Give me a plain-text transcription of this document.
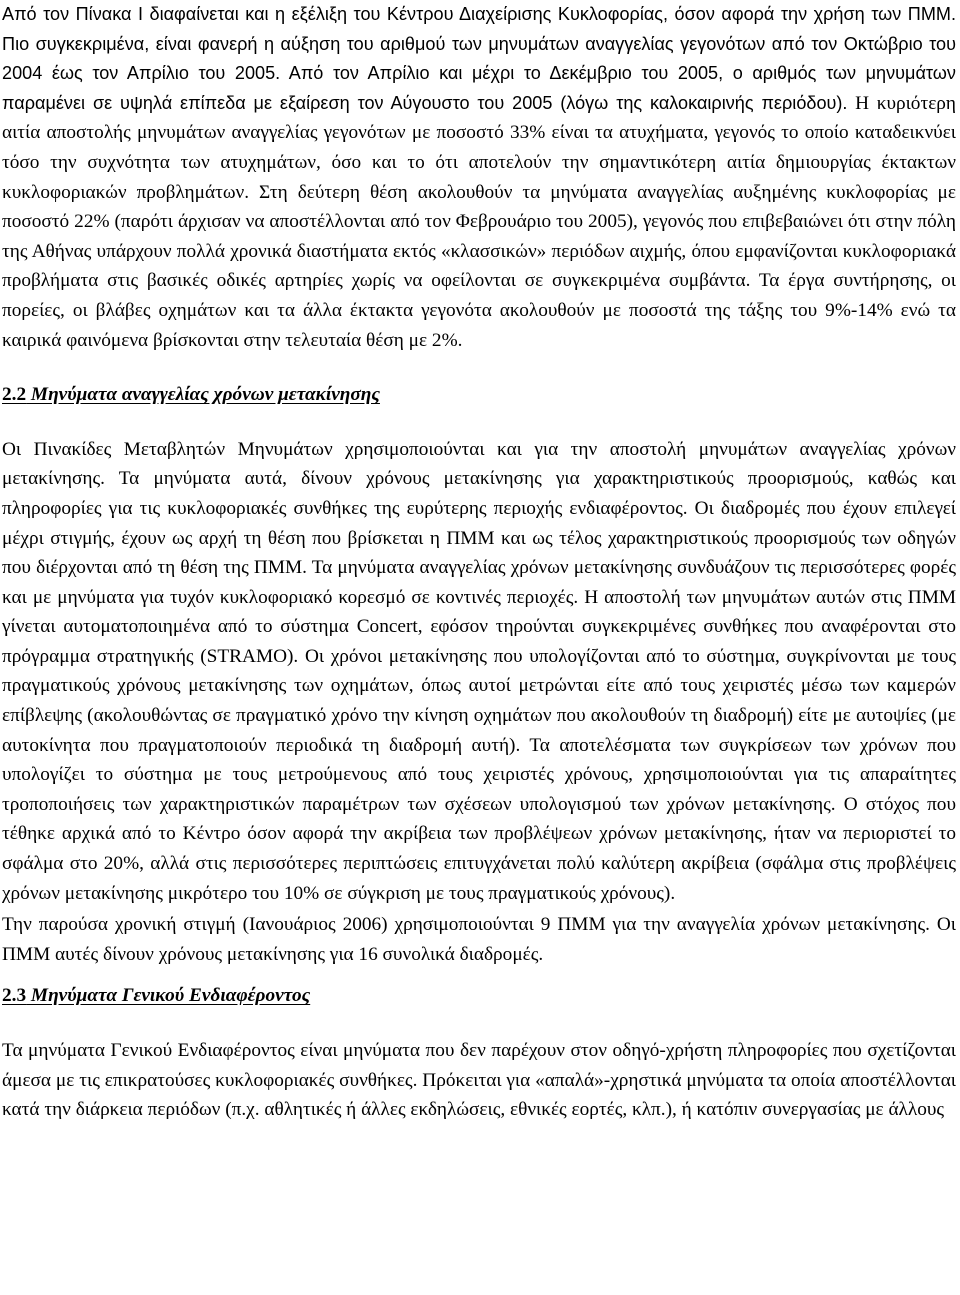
Από τον Πίνακα Ι διαφαίνεται και η εξέλιξη του Κέντρου Διαχείρισης Κυκλοφορίας, όσον αφορά την χρήση των ΠΜΜ. Πιο συγκεκριμένα, είναι φανερή η αύξηση του αριθμού των μηνυμάτων αναγγελίας γεγονότων από τον Οκτώβριο του 2004 έως τον Απρίλιο του 2005. Από τον Απρίλιο και μέχρι το Δεκέμβριο του 2005, ο αριθμός των μηνυμάτων παραμένει σε υψηλά επίπεδα με εξαίρεση τον Αύγουστο του 2005 (λόγω της καλοκαιρινής περιόδου). Η κυριότερη αιτία αποστολής μηνυμάτων αναγγελίας γεγονότων με ποσοστό 33% είναι τα ατυχήματα, γεγονός το οποίο καταδεικνύει τόσο την συχνότητα των ατυχημάτων, όσο και το ότι αποτελούν την σημαντικότερη αιτία δημιουργίας έκτακτων κυκλοφοριακών προβλημάτων. Στη δεύτερη θέση ακολουθούν τα μηνύματα αναγγελίας αυξημένης κυκλοφορίας με ποσοστό 22% (παρότι άρχισαν να αποστέλλονται από τον Φεβρουάριο του 2005), γεγονός που επιβεβαιώνει ότι στην πόλη της Αθήνας υπάρχουν πολλά χρονικά διαστήματα εκτός «κλασσικών» περιόδων αιχμής, όπου εμφανίζονται κυκλοφοριακά προβλήματα στις βασικές οδικές αρτηρίες χωρίς να οφείλονται σε συγκεκριμένα συμβάντα. Τα έργα συντήρησης, οι πορείες, οι βλάβες οχημάτων και τα άλλα έκτακτα γεγονότα ακολουθούν με ποσοστά της τάξης του 9%-14% ενώ τα καιρικά φαινόμενα βρίσκονται στην τελευταία θέση με 2%.

2.2 Μηνύματα αναγγελίας χρόνων μετακίνησης

Οι Πινακίδες Μεταβλητών Μηνυμάτων χρησιμοποιούνται και για την αποστολή μηνυμάτων αναγγελίας χρόνων μετακίνησης. Τα μηνύματα αυτά, δίνουν χρόνους μετακίνησης για χαρακτηριστικούς προορισμούς, καθώς και πληροφορίες για τις κυκλοφοριακές συνθήκες της ευρύτερης περιοχής ενδιαφέροντος. Οι διαδρομές που έχουν επιλεγεί μέχρι στιγμής, έχουν ως αρχή τη θέση που βρίσκεται η ΠΜΜ και ως τέλος χαρακτηριστικούς προορισμούς των οδηγών που διέρχονται από τη θέση της ΠΜΜ. Τα μηνύματα αναγγελίας χρόνων μετακίνησης συνδυάζουν τις περισσότερες φορές και με μηνύματα για τυχόν κυκλοφοριακό κορεσμό σε κοντινές περιοχές. Η αποστολή των μηνυμάτων αυτών στις ΠΜΜ γίνεται αυτοματοποιημένα από το σύστημα Concert, εφόσον τηρούνται συγκεκριμένες συνθήκες που αναφέρονται στο πρόγραμμα στρατηγικής (STRAMO). Οι χρόνοι μετακίνησης που υπολογίζονται από το σύστημα, συγκρίνονται με τους πραγματικούς χρόνους μετακίνησης των οχημάτων, όπως αυτοί μετρώνται είτε από τους χειριστές μέσω των καμερών επίβλεψης (ακολουθώντας σε πραγματικό χρόνο την κίνηση οχημάτων που ακολουθούν τη διαδρομή) είτε με αυτοψίες (με αυτοκίνητα που πραγματοποιούν περιοδικά τη διαδρομή αυτή). Τα αποτελέσματα των συγκρίσεων των χρόνων που υπολογίζει το σύστημα με τους μετρούμενους από τους χειριστές χρόνους, χρησιμοποιούνται για τις απαραίτητες τροποποιήσεις των χαρακτηριστικών παραμέτρων των σχέσεων υπολογισμού των χρόνων μετακίνησης. Ο στόχος που τέθηκε αρχικά από το Κέντρο όσον αφορά την ακρίβεια των προβλέψεων χρόνων μετακίνησης, ήταν να περιοριστεί το σφάλμα στο 20%, αλλά στις περισσότερες περιπτώσεις επιτυγχάνεται πολύ καλύτερη ακρίβεια (σφάλμα στις προβλέψεις χρόνων μετακίνησης μικρότερο του 10% σε σύγκριση με τους πραγματικούς χρόνους).

Την παρούσα χρονική στιγμή (Ιανουάριος 2006) χρησιμοποιούνται 9 ΠΜΜ για την αναγγελία χρόνων μετακίνησης. Οι ΠΜΜ αυτές δίνουν χρόνους μετακίνησης για 16 συνολικά διαδρομές.

2.3 Μηνύματα Γενικού Ενδιαφέροντος

Τα μηνύματα Γενικού Ενδιαφέροντος είναι μηνύματα που δεν παρέχουν στον οδηγό-χρήστη πληροφορίες που σχετίζονται άμεσα με τις επικρατούσες κυκλοφοριακές συνθήκες. Πρόκειται για «απαλά»-χρηστικά μηνύματα τα οποία αποστέλλονται κατά την διάρκεια περιόδων (π.χ. αθλητικές ή άλλες εκδηλώσεις, εθνικές εορτές, κλπ.), ή κατόπιν συνεργασίας με άλλους
